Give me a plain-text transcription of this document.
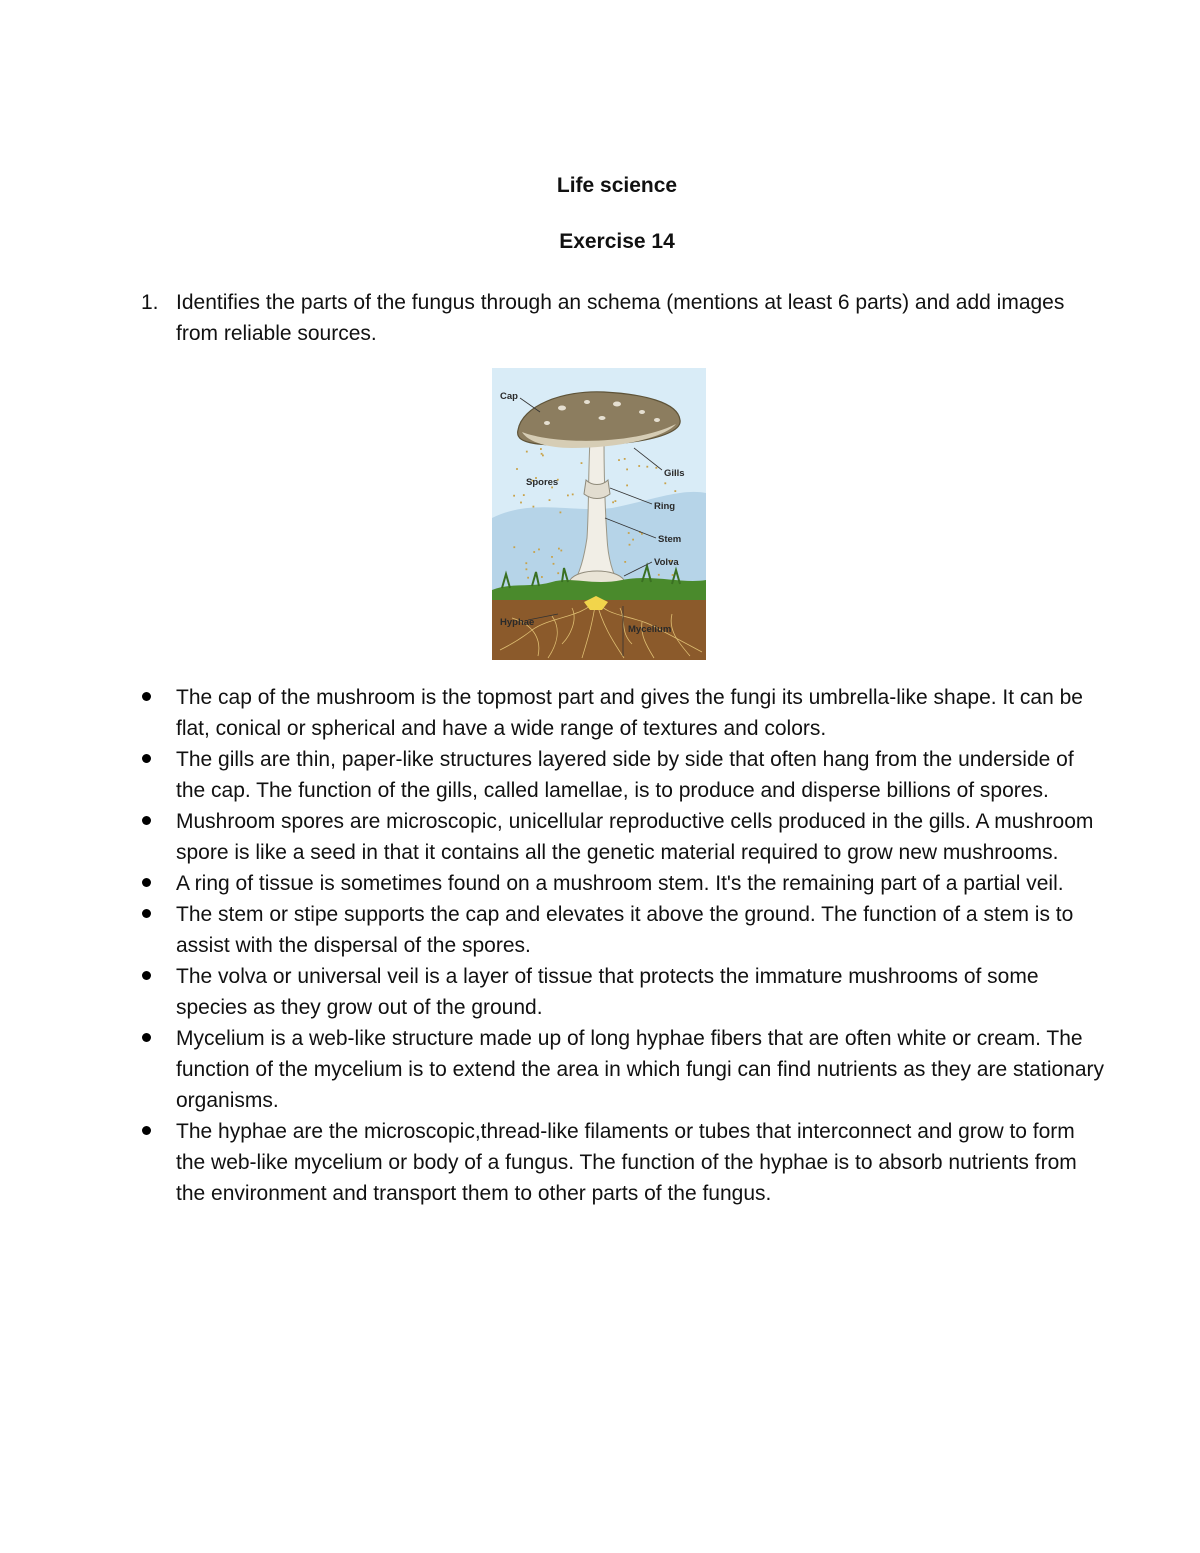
Life science
Exercise 14
1. Identifies the parts of the fungus through an schema (mentions at least 6 parts) and add images from reliable sources.
Cap
Gills
Spores
Ring
Stem
Volva
Hyphae
Mycelium
The cap of the mushroom is the topmost part and gives the fungi its umbrella-like shape. It can be flat, conical or spherical and have a wide range of textures and colors.
The gills are thin, paper-like structures layered side by side that often hang from the underside of the cap. The function of the gills, called lamellae, is to produce and disperse billions of spores.
Mushroom spores are microscopic, unicellular reproductive cells produced in the gills. A mushroom spore is like a seed in that it contains all the genetic material required to grow new mushrooms.
A ring of tissue is sometimes found on a mushroom stem. It's the remaining part of a partial veil.
The stem or stipe supports the cap and elevates it above the ground. The function of a stem is to assist with the dispersal of the spores.
The volva or universal veil is a layer of tissue that protects the immature mushrooms of some species as they grow out of the ground.
Mycelium is a web-like structure made up of long hyphae fibers that are often white or cream. The function of the mycelium is to extend the area in which fungi can find nutrients as they are stationary organisms.
The hyphae are the microscopic,thread-like filaments or tubes that interconnect and grow to form the web-like mycelium or body of a fungus. The function of the hyphae is to absorb nutrients from the environment and transport them to other parts of the fungus.
